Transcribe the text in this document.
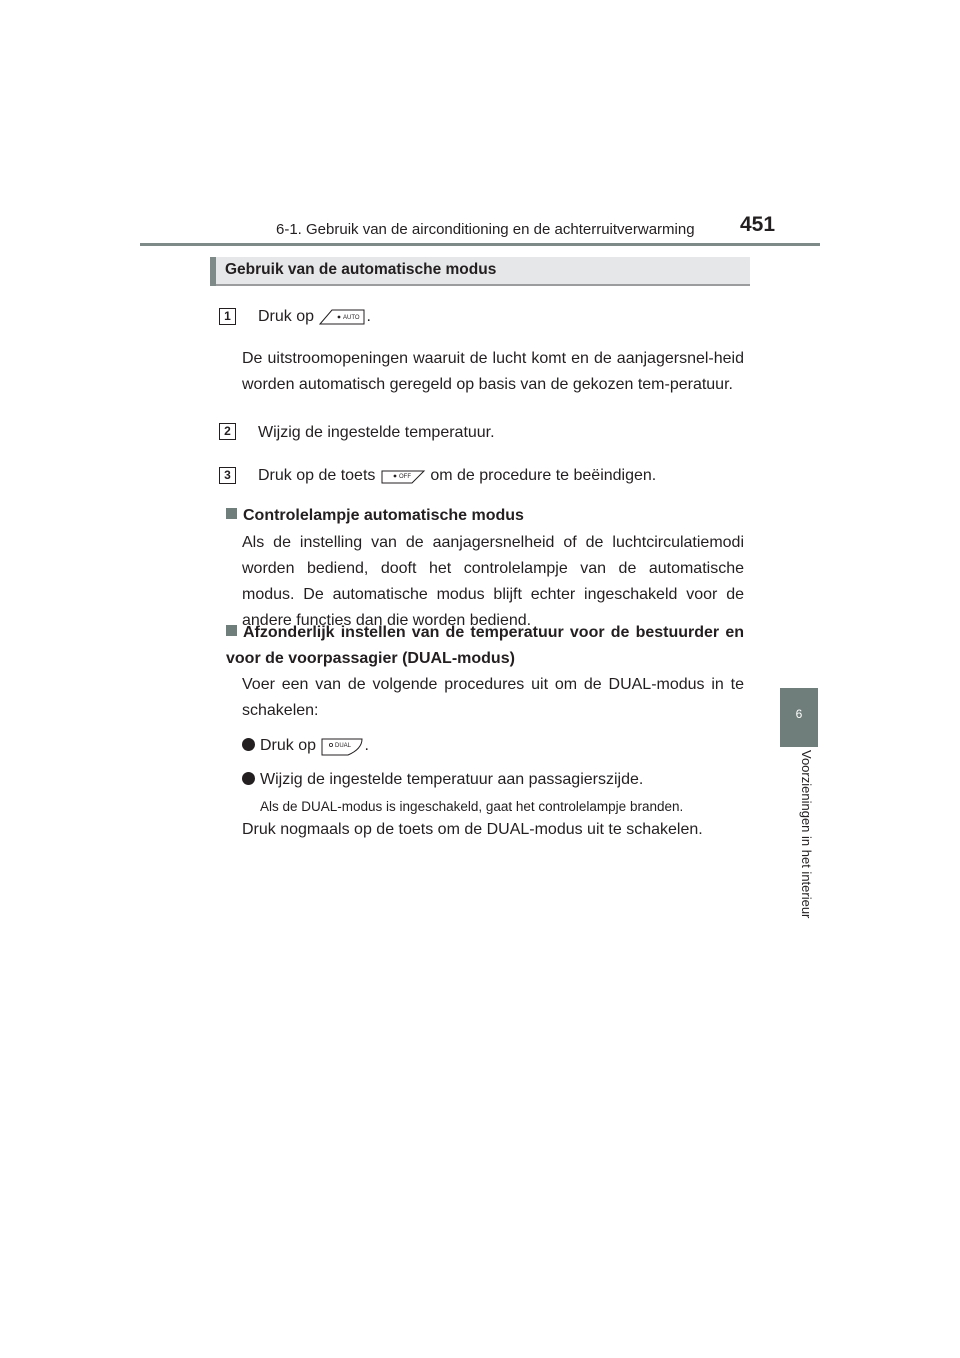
6-1. Gebruik van de airconditioning en de achterruitverwarming 451
6
Voorzieningen in het interieur
Gebruik van de automatische modus
1	Druk op	AUTO .
De uitstroomopeningen waaruit de lucht komt en de aanjagersnel-heid worden automatisch geregeld op basis van de gekozen tem-peratuur.
2	Wijzig de ingestelde temperatuur.
3	Druk op de toets	OFF om de procedure te beëindigen.
Controlelampje automatische modus
Als de instelling van de aanjagersnelheid of de luchtcirculatiemodi worden bediend, dooft het controlelampje van de automatische modus. De automatische modus blijft echter ingeschakeld voor de andere functies dan die worden bediend.
Afzonderlijk instellen van de temperatuur voor de bestuurder en voor de voorpassagier (DUAL-modus)
Voer een van de volgende procedures uit om de DUAL-modus in te schakelen:
Druk op	DUAL .
Wijzig de ingestelde temperatuur aan passagierszijde.
Als de DUAL-modus is ingeschakeld, gaat het controlelampje branden.
Druk nogmaals op de toets om de DUAL-modus uit te schakelen.
